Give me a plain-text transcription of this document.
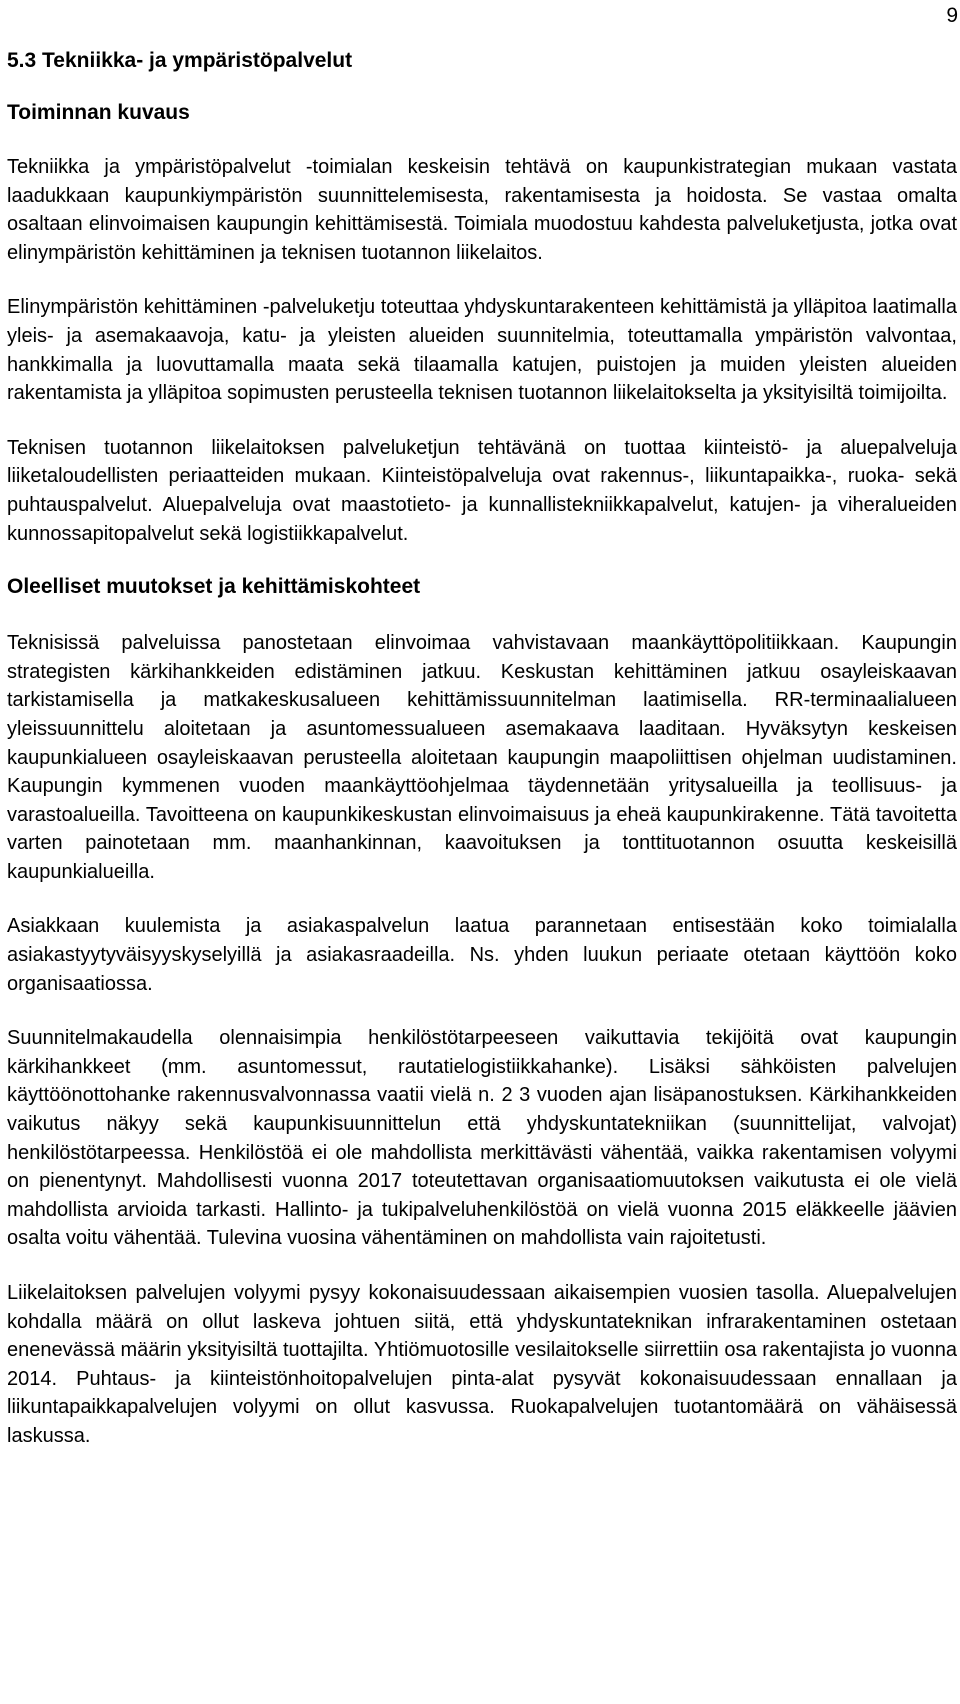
9
5.3 Tekniikka- ja ympäristöpalvelut
Toiminnan kuvaus

Tekniikka ja ympäristöpalvelut -toimialan keskeisin tehtävä on kaupunkistrategian mukaan vastata laadukkaan kaupunkiympäristön suunnittelemisesta, rakentamisesta ja hoidosta. Se vastaa omalta osaltaan elinvoimaisen kaupungin kehittämisestä. Toimiala muodostuu kahdesta palveluketjusta, jotka ovat elinympäristön kehittäminen ja teknisen tuotannon liikelaitos.

Elinympäristön kehittäminen -palveluketju toteuttaa yhdyskuntarakenteen kehittämistä ja ylläpitoa laatimalla yleis- ja asemakaavoja, katu- ja yleisten alueiden suunnitelmia, toteuttamalla ympäristön valvontaa, hankkimalla ja luovuttamalla maata sekä tilaamalla katujen, puistojen ja muiden yleisten alueiden rakentamista ja ylläpitoa sopimusten perusteella teknisen tuotannon liikelaitokselta ja yksityisiltä toimijoilta.

Teknisen tuotannon liikelaitoksen palveluketjun tehtävänä on tuottaa kiinteistö- ja aluepalveluja liiketaloudellisten periaatteiden mukaan. Kiinteistöpalveluja ovat rakennus-, liikuntapaikka-, ruoka- sekä puhtauspalvelut. Aluepalveluja ovat maastotieto- ja kunnallistekniikkapalvelut, katujen- ja viheralueiden kunnossapitopalvelut sekä logistiikkapalvelut.

Oleelliset muutokset ja kehittämiskohteet

Teknisissä palveluissa panostetaan elinvoimaa vahvistavaan maankäyttöpolitiikkaan. Kaupungin strategisten kärkihankkeiden edistäminen jatkuu. Keskustan kehittäminen jatkuu osayleiskaavan tarkistamisella ja matkakeskusalueen kehittämissuunnitelman laatimisella. RR-terminaalialueen yleissuunnittelu aloitetaan ja asuntomessualueen asemakaava laaditaan. Hyväksytyn keskeisen kaupunkialueen osayleiskaavan perusteella aloitetaan kaupungin maapoliittisen ohjelman uudistaminen. Kaupungin kymmenen vuoden maankäyttöohjelmaa täydennetään yritysalueilla ja teollisuus- ja varastoalueilla. Tavoitteena on kaupunkikeskustan elinvoimaisuus ja eheä kaupunkirakenne. Tätä tavoitetta varten painotetaan mm. maanhankinnan, kaavoituksen ja tonttituotannon osuutta keskeisillä kaupunkialueilla.

Asiakkaan kuulemista ja asiakaspalvelun laatua parannetaan entisestään koko toimialalla asiakastyytyväisyyskyselyillä ja asiakasraadeilla. Ns. yhden luukun periaate otetaan käyttöön koko organisaatiossa.

Suunnitelmakaudella olennaisimpia henkilöstötarpeeseen vaikuttavia tekijöitä ovat kaupungin kärkihankkeet (mm. asuntomessut, rautatielogistiikkahanke). Lisäksi sähköisten palvelujen käyttöönottohanke rakennusvalvonnassa vaatii vielä n. 2 3 vuoden ajan lisäpanostuksen. Kärkihankkeiden vaikutus näkyy sekä kaupunkisuunnittelun että yhdyskuntatekniikan (suunnittelijat, valvojat) henkilöstötarpeessa. Henkilöstöä ei ole mahdollista merkittävästi vähentää, vaikka rakentamisen volyymi on pienentynyt. Mahdollisesti vuonna 2017 toteutettavan organisaatiomuutoksen vaikutusta ei ole vielä mahdollista arvioida tarkasti. Hallinto- ja tukipalveluhenkilöstöä on vielä vuonna 2015 eläkkeelle jäävien osalta voitu vähentää. Tulevina vuosina vähentäminen on mahdollista vain rajoitetusti.

Liikelaitoksen palvelujen volyymi pysyy kokonaisuudessaan aikaisempien vuosien tasolla. Aluepalvelujen kohdalla määrä on ollut laskeva johtuen siitä, että yhdyskuntateknikan infrarakentaminen ostetaan enenevässä määrin yksityisiltä tuottajilta. Yhtiömuotosille vesilaitokselle siirrettiin osa rakentajista jo vuonna 2014. Puhtaus- ja kiinteistönhoitopalvelujen pinta-alat pysyvät kokonaisuudessaan ennallaan ja liikuntapaikkapalvelujen volyymi on ollut kasvussa. Ruokapalvelujen tuotantomäärä on vähäisessä laskussa.
